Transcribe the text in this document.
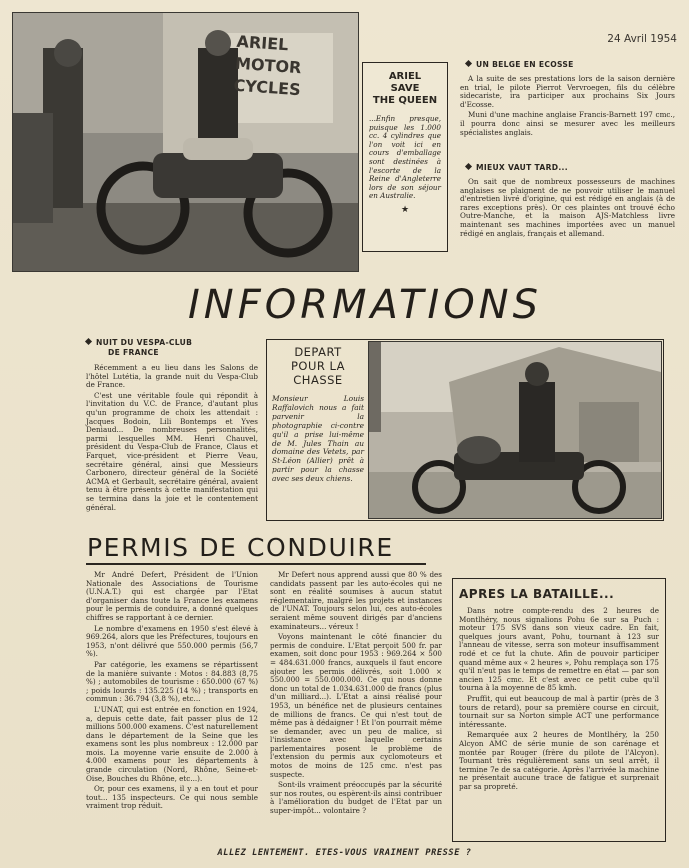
ARIEL
MOTOR
CYCLES	ARIEL
SAVE
THE QUEEN
...Enfin presque, puisque les 1.000 cc. 4 cylindres que l'on voit ici en cours d'emballage sont destinées à l'escorte de la Reine d'Angleterre lors de son séjour en Australie.
★
24 Avril 1954
UN BELGE EN ECOSSE

A la suite de ses prestations lors de la saison dernière en trial, le pilote Pierrot Vervroegen, fils du célèbre sidecariste, ira participer aux prochains Six Jours d'Ecosse.

Muni d'une machine anglaise Francis-Barnett 197 cmc., il pourra donc ainsi se mesurer avec les meilleurs spécialistes anglais.

MIEUX VAUT TARD...

On sait que de nombreux possesseurs de machines anglaises se plaignent de ne pouvoir utiliser le manuel d'entretien livré d'origine, qui est rédigé en anglais (à de rares exceptions près). Or ces plaintes ont trouvé écho Outre-Manche, et la maison AJS-Matchless livre maintenant ses machines importées avec un manuel rédigé en anglais, français et allemand.

INFORMATIONS
NUIT DU VESPA-CLUB
DE FRANCE

Récemment a eu lieu dans les Salons de l'hôtel Lutétia, la grande nuit du Vespa-Club de France.

C'est une véritable foule qui répondit à l'invitation du V.C. de France, d'autant plus qu'un programme de choix les attendait : Jacques Bodoin, Lili Bontemps et Yves Deniaud... De nombreuses personnalités, parmi lesquelles MM. Henri Chauvel, président du Vespa-Club de France, Claus et Farquet, vice-président et Pierre Veau, secrétaire général, ainsi que Messieurs Carbonero, directeur général de la Société ACMA et Gerbault, secrétaire général, avaient tenu à être présents à cette manifestation qui se termina dans la joie et le contentement général.

DEPART
POUR LA
CHASSE
Monsieur Louis Raffalovich nous a fait parvenir la photographie ci-contre qu'il a prise lui-même de M. Jules Thain au domaine des Vetets, par St-Léon (Allier) prêt à partir pour la chasse avec ses deux chiens.
PERMIS DE CONDUIRE

Mr André Defert, Président de l'Union Nationale des Associations de Tourisme (U.N.A.T.) qui est chargée par l'Etat d'organiser dans toute la France les examens pour le permis de conduire, a donné quelques chiffres se rapportant à ce dernier.

Le nombre d'examens en 1950 s'est élevé à 969.264, alors que les Préfectures, toujours en 1953, n'ont délivré que 550.000 permis (56,7 %).

Par catégorie, les examens se répartissent de la manière suivante : Motos : 84.883 (8,75 %) ; automobiles de tourisme : 650.000 (67 %) ; poids lourds : 135.225 (14 %) ; transports en commun : 36.794 (3,8 %), etc...

L'UNAT, qui est entrée en fonction en 1924, a, depuis cette date, fait passer plus de 12 millions 500.000 examens. C'est naturellement dans le département de la Seine que les examens sont les plus nombreux : 12.000 par mois. La moyenne varie ensuite de 2.000 à 4.000 examens pour les départements à grande circulation (Nord, Rhône, Seine-et-Oise, Bouches du Rhône, etc...).

Or, pour ces examens, il y a en tout et pour tout... 135 inspecteurs. Ce qui nous semble vraiment trop réduit.

Mr Defert nous apprend aussi que 80 % des candidats passent par les auto-écoles qui ne sont en réalité soumises à aucun statut réglementaire, malgré les projets et instances de l'UNAT. Toujours selon lui, ces auto-écoles seraient même souvent dirigés par d'anciens examinateurs... véreux !

Voyons maintenant le côté financier du permis de conduire. L'Etat perçoit 500 fr. par examen, soit donc pour 1953 : 969.264 × 500 = 484.631.000 francs, auxquels il faut encore ajouter les permis délivrés, soit 1.000 × 550.000 = 550.000.000. Ce qui nous donne donc un total de 1.034.631.000 de francs (plus d'un milliard...). L'Etat a ainsi réalisé pour 1953, un bénéfice net de plusieurs centaines de millions de francs. Ce qui n'est tout de même pas à dédaigner ! Et l'on pourrait même se demander, avec un peu de malice, si l'insistance avec laquelle certains parlementaires posent le problème de l'extension du permis aux cyclomoteurs et motos de moins de 125 cmc. n'est pas suspecte.

Sont-ils vraiment préoccupés par la sécurité sur nos routes, ou espèrent-ils ainsi contribuer à l'amélioration du budget de l'Etat par un super-impôt... volontaire ?

APRES LA BATAILLE...

Dans notre compte-rendu des 2 heures de Montlhéry, nous signalions Pohu 6e sur sa Puch : moteur 175 SVS dans son vieux cadre. En fait, quelques jours avant, Pohu, tournant à 123 sur l'anneau de vitesse, serra son moteur insuffisamment rodé et ce fut la chute. Afin de pouvoir participer quand même aux « 2 heures », Pohu remplaça son 175 qu'il n'eut pas le temps de remettre en état — par son ancien 125 cmc. Et c'est avec ce petit cube qu'il tourna à la moyenne de 85 kmh.

Pruffit, qui eut beaucoup de mal à partir (près de 3 tours de retard), pour sa première course en circuit, tournait sur sa Norton simple ACT une performance intéressante.

Remarquée aux 2 heures de Montlhéry, la 250 Alcyon AMC de série munie de son carénage et montée par Rouger (frère du pilote de l'Alcyon). Tournant très régulièrement sans un seul arrêt, il termine 7e de sa catégorie. Après l'arrivée la machine ne présentait aucune trace de fatigue et surprenait par sa propreté.

ALLEZ LENTEMENT. ETES-VOUS VRAIMENT PRESSE ?
